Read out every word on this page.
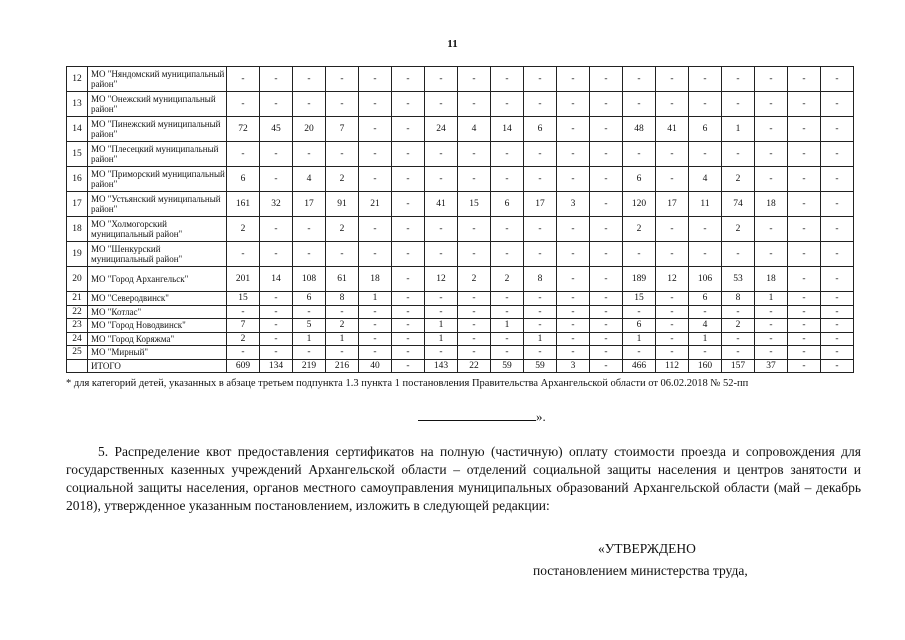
11
12	МО "Няндомский муниципальный район"	-	-	-	-	-	-	-	-	-	-	-	-	-	-	-	-	-	-	-
13	МО "Онежский муниципальный район"	-	-	-	-	-	-	-	-	-	-	-	-	-	-	-	-	-	-	-
14	МО "Пинежский муниципальный район"	72	45	20	7	-	-	24	4	14	6	-	-	48	41	6	1	-	-	-
15	МО "Плесецкий муниципальный район"	-	-	-	-	-	-	-	-	-	-	-	-	-	-	-	-	-	-	-
16	МО "Приморский муниципальный район"	6	-	4	2	-	-	-	-	-	-	-	-	6	-	4	2	-	-	-
17	МО "Устьянский муниципальный район"	161	32	17	91	21	-	41	15	6	17	3	-	120	17	11	74	18	-	-
18	МО "Холмогорский муниципальный район"	2	-	-	2	-	-	-	-	-	-	-	-	2	-	-	2	-	-	-
19	МО "Шенкурский муниципальный район"	-	-	-	-	-	-	-	-	-	-	-	-	-	-	-	-	-	-	-
20	МО "Город Архангельск"	201	14	108	61	18	-	12	2	2	8	-	-	189	12	106	53	18	-	-
21	МО "Северодвинск"	15	-	6	8	1	-	-	-	-	-	-	-	15	-	6	8	1	-	-
22	МО "Котлас"	-	-	-	-	-	-	-	-	-	-	-	-	-	-	-	-	-	-	-
23	МО "Город Новодвинск"	7	-	5	2	-	-	1	-	1	-	-	-	6	-	4	2	-	-	-
24	МО "Город Коряжма"	2	-	1	1	-	-	1	-	-	1	-	-	1	-	1	-	-	-	-
25	МО "Мирный"	-	-	-	-	-	-	-	-	-	-	-	-	-	-	-	-	-	-	-
	ИТОГО	609	134	219	216	40	-	143	22	59	59	3	-	466	112	160	157	37	-	-
* для категорий детей, указанных в абзаце третьем подпункта 1.3 пункта 1 постановления Правительства Архангельской области от 06.02.2018 № 52-пп
».
5. Распределение квот предоставления сертификатов на полную (частичную) оплату стоимости проезда и сопровождения для государственных казенных учреждений Архангельской области – отделений социальной защиты населения и центров занятости и социальной защиты населения, органов местного самоуправления муниципальных образований Архангельской области (май – декабрь 2018), утвержденное указанным постановлением, изложить в следующей редакции:
«УТВЕРЖДЕНО
постановлением министерства труда,
